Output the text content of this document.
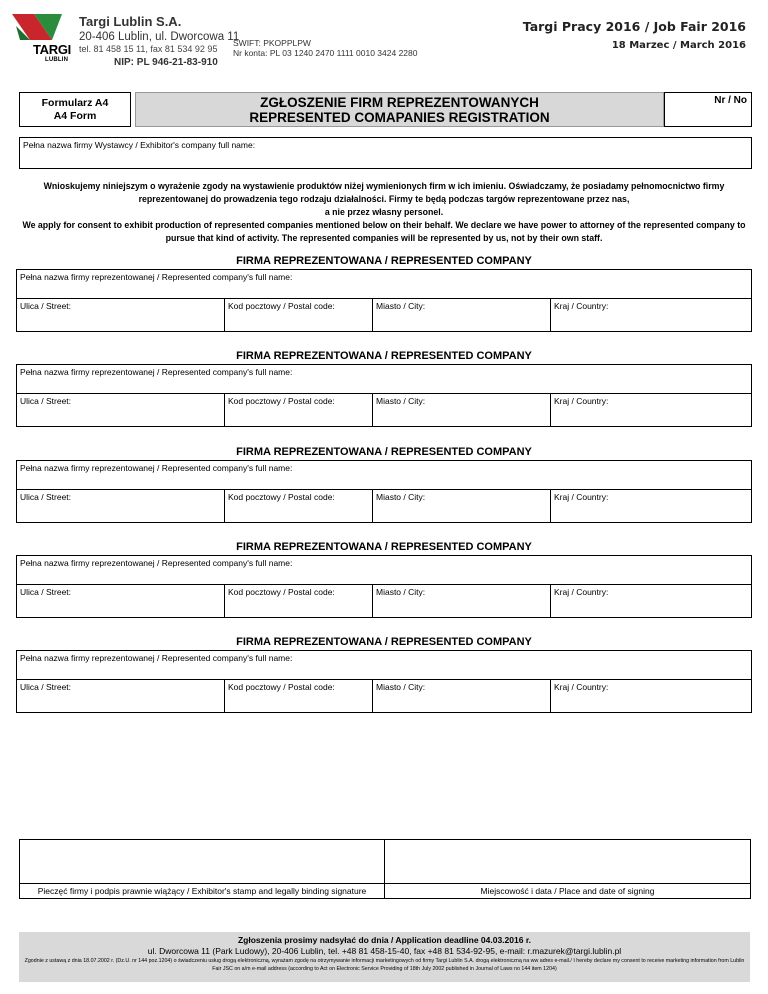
TARGI
LUBLIN
Targi Lublin S.A.
20-406 Lublin, ul. Dworcowa 11
tel. 81 458 15 11, fax 81 534 92 95
NIP: PL 946-21-83-910
SWIFT: PKOPPLPW
Nr konta: PL 03 1240 2470 1111 0010 3424 2280
Targi Pracy 2016 / Job Fair 2016
18 Marzec / March 2016
Formularz A4
A4 Form
ZGŁOSZENIE FIRM REPREZENTOWANYCH
REPRESENTED COMAPANIES REGISTRATION
Nr / No
Pełna nazwa firmy Wystawcy / Exhibitor's company full name:
Wnioskujemy niniejszym o wyrażenie zgody na wystawienie produktów niżej wymienionych firm w ich imieniu. Oświadczamy, że posiadamy pełnomocnictwo firmy
reprezentowanej do prowadzenia tego rodzaju działalności. Firmy te będą podczas targów reprezentowane przez nas,
a nie przez własny personel.
We apply for consent to exhibit production of represented companies mentioned below on their behalf. We declare we have power to attorney of the represented company to
pursue that kind of activity. The represented companies will be represented by us, not by their own staff.
FIRMA REPREZENTOWANA / REPRESENTED COMPANY
Pełna nazwa firmy reprezentowanej / Represented company's full name:
Ulica / Street:	Kod pocztowy / Postal code:	Miasto / City:	Kraj / Country:
FIRMA REPREZENTOWANA / REPRESENTED COMPANY
Pełna nazwa firmy reprezentowanej / Represented company's full name:
Ulica / Street:	Kod pocztowy / Postal code:	Miasto / City:	Kraj / Country:
FIRMA REPREZENTOWANA / REPRESENTED COMPANY
Pełna nazwa firmy reprezentowanej / Represented company's full name:
Ulica / Street:	Kod pocztowy / Postal code:	Miasto / City:	Kraj / Country:
FIRMA REPREZENTOWANA / REPRESENTED COMPANY
Pełna nazwa firmy reprezentowanej / Represented company's full name:
Ulica / Street:	Kod pocztowy / Postal code:	Miasto / City:	Kraj / Country:
FIRMA REPREZENTOWANA / REPRESENTED COMPANY
Pełna nazwa firmy reprezentowanej / Represented company's full name:
Ulica / Street:	Kod pocztowy / Postal code:	Miasto / City:	Kraj / Country:
Pieczęć firmy i podpis prawnie wiążący / Exhibitor's stamp and legally binding signature	Miejscowość i data / Place and date of signing
Zgłoszenia prosimy nadsyłać do dnia / Application deadline 04.03.2016 r.
ul. Dworcowa 11 (Park Ludowy), 20-406 Lublin, tel. +48 81 458-15-40, fax +48 81 534-92-95, e-mail: r.mazurek@targi.lublin.pl
Zgodnie z ustawą z dnia 18.07.2002 r. (Dz.U. nr 144 poz.1204) o świadczeniu usług drogą elektroniczną, wyrażam zgodę na otrzymywanie informacji marketingowych od firmy Targi Lublin S.A. drogą elektroniczną na ww adres e-mail./ I hereby declare my consent to receive marketing information from Lublin Fair JSC on a/m e-mail address (according to Act on Electronic Service Providing of 18th July 2002 published in Journal of Laws no 144 item 1204)
